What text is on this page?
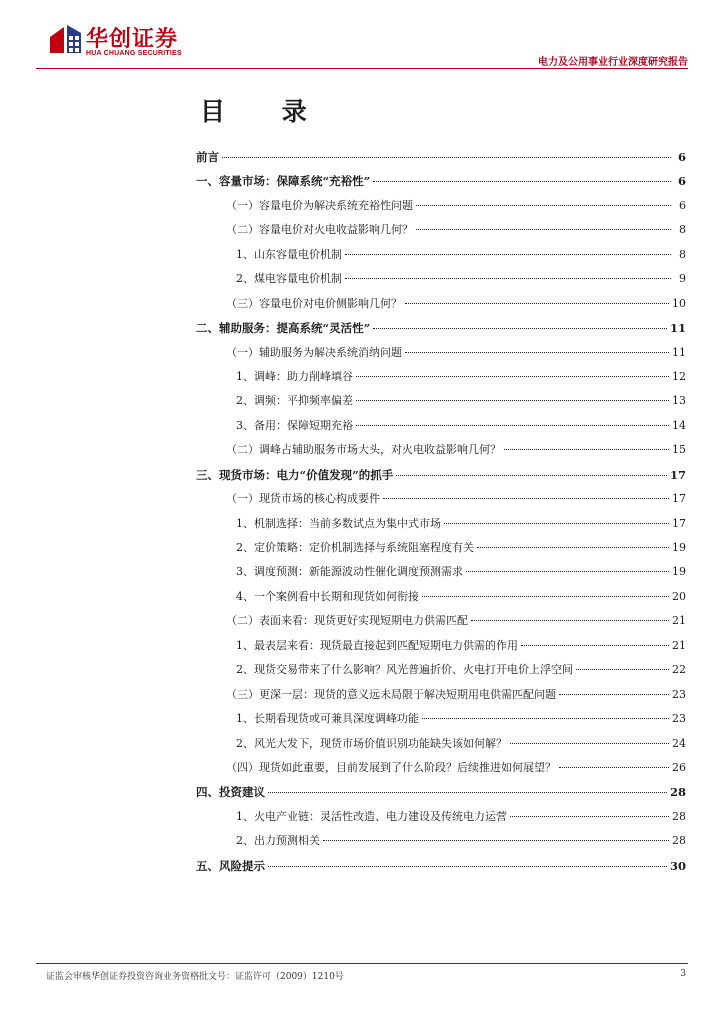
华创证券
HUA CHUANG SECURITIES
电力及公用事业行业深度研究报告
目 录
前言	6
一、容量市场：保障系统“充裕性”	6
（一）容量电价为解决系统充裕性问题	6
（二）容量电价对火电收益影响几何？	8
1、山东容量电价机制	8
2、煤电容量电价机制	9
（三）容量电价对电价侧影响几何？	10
二、辅助服务：提高系统“灵活性”	11
（一）辅助服务为解决系统消纳问题	11
1、调峰：助力削峰填谷	12
2、调频：平抑频率偏差	13
3、备用：保障短期充裕	14
（二）调峰占辅助服务市场大头，对火电收益影响几何？	15
三、现货市场：电力“价值发现”的抓手	17
（一）现货市场的核心构成要件	17
1、机制选择：当前多数试点为集中式市场	17
2、定价策略：定价机制选择与系统阻塞程度有关	19
3、调度预测：新能源波动性催化调度预测需求	19
4、一个案例看中长期和现货如何衔接	20
（二）表面来看：现货更好实现短期电力供需匹配	21
1、最表层来看：现货最直接起到匹配短期电力供需的作用	21
2、现货交易带来了什么影响？风光普遍折价、火电打开电价上浮空间	22
（三）更深一层：现货的意义远未局限于解决短期用电供需匹配问题	23
1、长期看现货或可兼具深度调峰功能	23
2、风光大发下，现货市场价值识别功能缺失该如何解？	24
（四）现货如此重要，目前发展到了什么阶段？后续推进如何展望？	26
四、投资建议	28
1、火电产业链：灵活性改造、电力建设及传统电力运营	28
2、出力预测相关	28
五、风险提示	30
证监会审核华创证券投资咨询业务资格批文号：证监许可（2009）1210号	3
